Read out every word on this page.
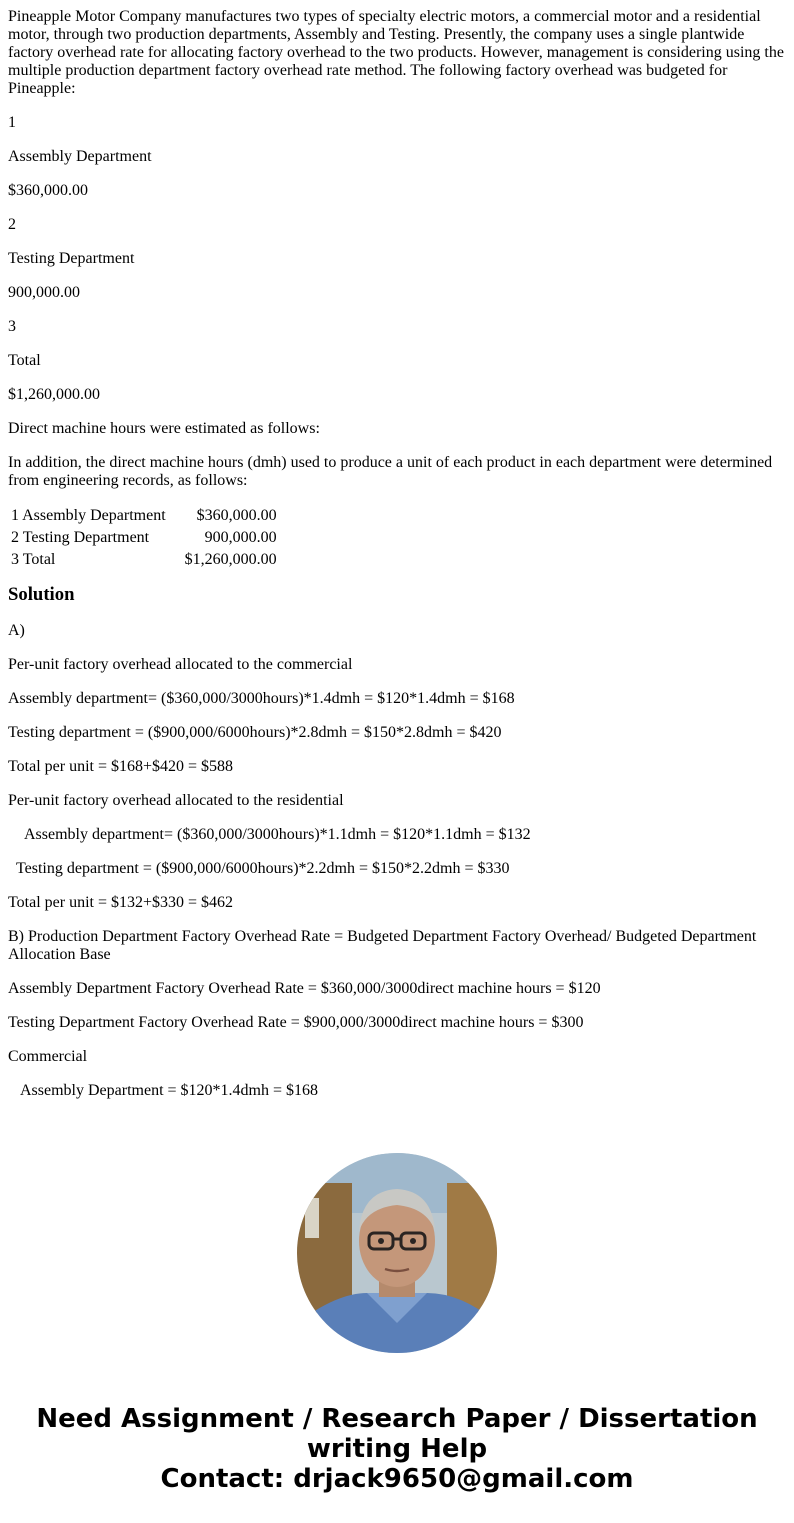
Pineapple Motor Company manufactures two types of specialty electric motors, a commercial motor and a residential motor, through two production departments, Assembly and Testing. Presently, the company uses a single plantwide factory overhead rate for allocating factory overhead to the two products. However, management is considering using the multiple production department factory overhead rate method. The following factory overhead was budgeted for Pineapple:

1

Assembly Department

$360,000.00

2

Testing Department

900,000.00

3

Total

$1,260,000.00

Direct machine hours were estimated as follows:

In addition, the direct machine hours (dmh) used to produce a unit of each product in each department were determined from engineering records, as follows:

1 Assembly Department	$360,000.00
2 Testing Department	900,000.00
3 Total	$1,260,000.00
Solution

A)

Per-unit factory overhead allocated to the commercial

Assembly department= ($360,000/3000hours)*1.4dmh = $120*1.4dmh = $168

Testing department = ($900,000/6000hours)*2.8dmh = $150*2.8dmh = $420

Total per unit = $168+$420 = $588

Per-unit factory overhead allocated to the residential

Assembly department= ($360,000/3000hours)*1.1dmh = $120*1.1dmh = $132

Testing department = ($900,000/6000hours)*2.2dmh = $150*2.2dmh = $330

Total per unit = $132+$330 = $462

B) Production Department Factory Overhead Rate = Budgeted Department Factory Overhead/ Budgeted Department Allocation Base

Assembly Department Factory Overhead Rate = $360,000/3000direct machine hours = $120

Testing Department Factory Overhead Rate = $900,000/3000direct machine hours = $300

Commercial

Assembly Department = $120*1.4dmh = $168

Need Assignment / Research Paper / Dissertation
writing Help
Contact: drjack9650@gmail.com
